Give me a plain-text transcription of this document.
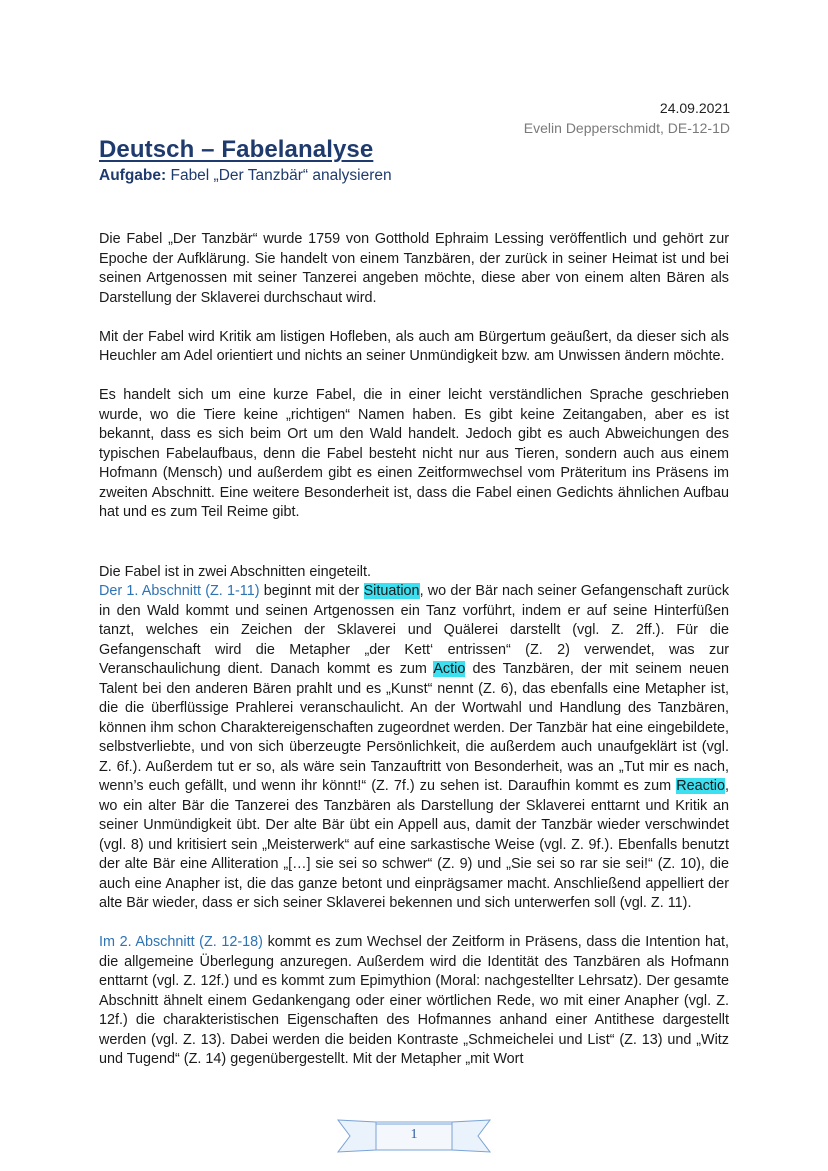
24.09.2021
Evelin Depperschmidt, DE-12-1D
Deutsch – Fabelanalyse
Aufgabe: Fabel „Der Tanzbär“ analysieren

Die Fabel „Der Tanzbär“ wurde 1759 von Gotthold Ephraim Lessing veröffentlich und gehört zur Epoche der Aufklärung. Sie handelt von einem Tanzbären, der zurück in seiner Heimat ist und bei seinen Artgenossen mit seiner Tanzerei angeben möchte, diese aber von einem alten Bären als Darstellung der Sklaverei durchschaut wird.

Mit der Fabel wird Kritik am listigen Hofleben, als auch am Bürgertum geäußert, da dieser sich als Heuchler am Adel orientiert und nichts an seiner Unmündigkeit bzw. am Unwissen ändern möchte.

Es handelt sich um eine kurze Fabel, die in einer leicht verständlichen Sprache geschrieben wurde, wo die Tiere keine „richtigen“ Namen haben. Es gibt keine Zeitangaben, aber es ist bekannt, dass es sich beim Ort um den Wald handelt. Jedoch gibt es auch Abweichungen des typischen Fabelaufbaus, denn die Fabel besteht nicht nur aus Tieren, sondern auch aus einem Hofmann (Mensch) und außerdem gibt es einen Zeitformwechsel vom Präteritum ins Präsens im zweiten Abschnitt. Eine weitere Besonderheit ist, dass die Fabel einen Gedichts ähnlichen Aufbau hat und es zum Teil Reime gibt.

Die Fabel ist in zwei Abschnitten eingeteilt.
Der 1. Abschnitt (Z. 1-11) beginnt mit der Situation, wo der Bär nach seiner Gefangenschaft zurück in den Wald kommt und seinen Artgenossen ein Tanz vorführt, indem er auf seine Hinterfüßen tanzt, welches ein Zeichen der Sklaverei und Quälerei darstellt (vgl. Z. 2ff.). Für die Gefangenschaft wird die Metapher „der Kett‘ entrissen“ (Z. 2) verwendet, was zur Veranschaulichung dient. Danach kommt es zum Actio des Tanzbären, der mit seinem neuen Talent bei den anderen Bären prahlt und es „Kunst“ nennt (Z. 6), das ebenfalls eine Metapher ist, die die überflüssige Prahlerei veranschaulicht. An der Wortwahl und Handlung des Tanzbären, können ihm schon Charaktereigenschaften zugeordnet werden. Der Tanzbär hat eine eingebildete, selbstverliebte, und von sich überzeugte Persönlichkeit, die außerdem auch unaufgeklärt ist (vgl. Z. 6f.). Außerdem tut er so, als wäre sein Tanzauftritt von Besonderheit, was an „Tut mir es nach, wenn’s euch gefällt, und wenn ihr könnt!“ (Z. 7f.) zu sehen ist. Daraufhin kommt es zum Reactio, wo ein alter Bär die Tanzerei des Tanzbären als Darstellung der Sklaverei enttarnt und Kritik an seiner Unmündigkeit übt. Der alte Bär übt ein Appell aus, damit der Tanzbär wieder verschwindet (vgl. 8) und kritisiert sein „Meisterwerk“ auf eine sarkastische Weise (vgl. Z. 9f.). Ebenfalls benutzt der alte Bär eine Alliteration „[…] sie sei so schwer“ (Z. 9) und „Sie sei so rar sie sei!“ (Z. 10), die auch eine Anapher ist, die das ganze betont und einprägsamer macht. Anschließend appelliert der alte Bär wieder, dass er sich seiner Sklaverei bekennen und sich unterwerfen soll (vgl. Z. 11).

Im 2. Abschnitt (Z. 12-18) kommt es zum Wechsel der Zeitform in Präsens, dass die Intention hat, die allgemeine Überlegung anzuregen. Außerdem wird die Identität des Tanzbären als Hofmann enttarnt (vgl. Z. 12f.) und es kommt zum Epimythion (Moral: nachgestellter Lehrsatz). Der gesamte Abschnitt ähnelt einem Gedankengang oder einer wörtlichen Rede, wo mit einer Anapher (vgl. Z. 12f.) die charakteristischen Eigenschaften des Hofmannes anhand einer Antithese dargestellt werden (vgl. Z. 13). Dabei werden die beiden Kontraste „Schmeichelei und List“ (Z. 13) und „Witz und Tugend“ (Z. 14) gegenübergestellt. Mit der Metapher „mit Wort

1
